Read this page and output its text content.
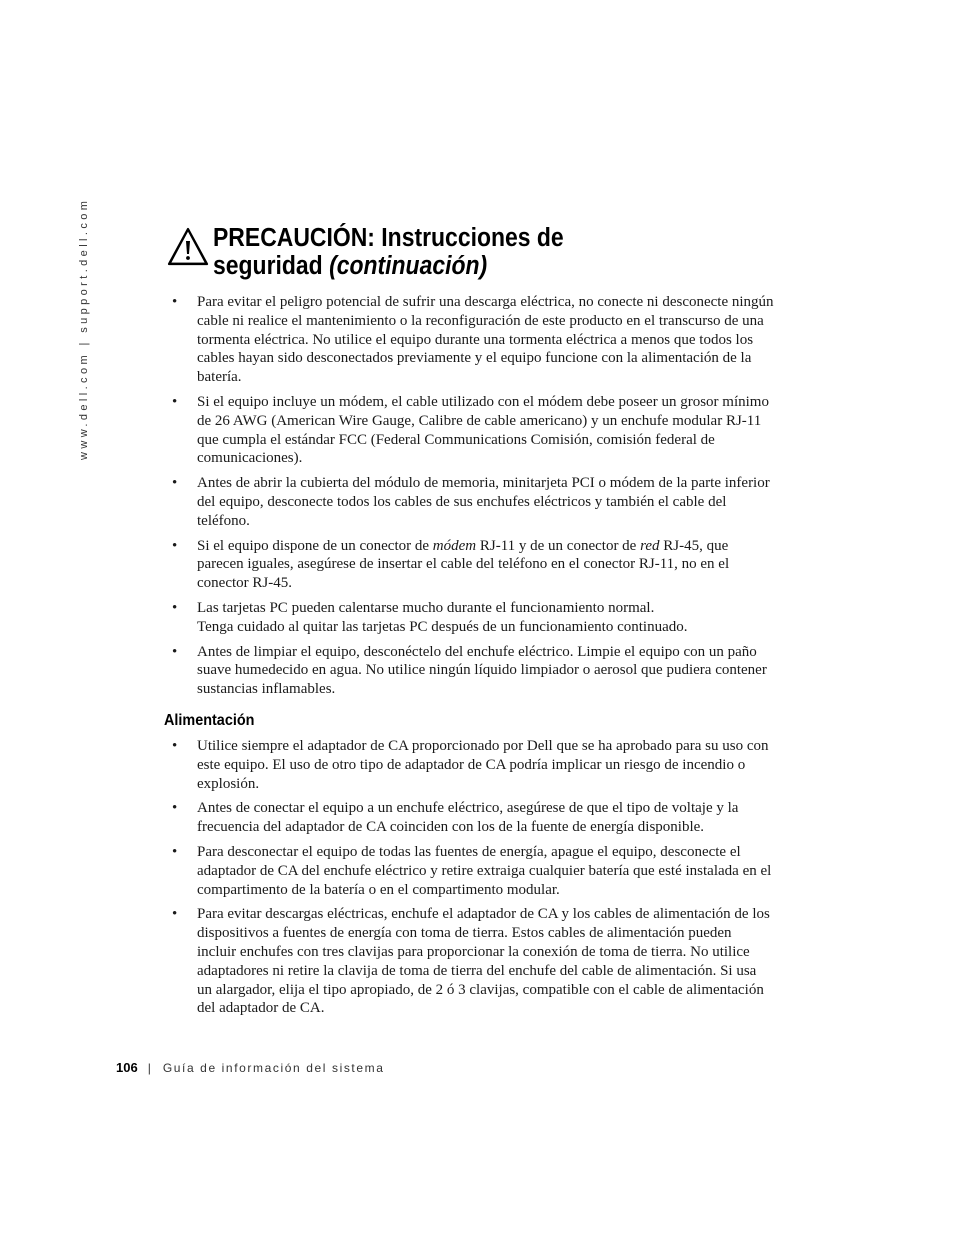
www.dell.com | support.dell.com	PRECAUCIÓN: Instrucciones de
seguridad (continuación)
• Para evitar el peligro potencial de sufrir una descarga eléctrica, no conecte ni desconecte ningún cable ni realice el mantenimiento o la reconfiguración de este producto en el transcurso de una tormenta eléctrica. No utilice el equipo durante una tormenta eléctrica a menos que todos los cables hayan sido desconectados previamente y el equipo funcione con la alimentación de la batería.
• Si el equipo incluye un módem, el cable utilizado con el módem debe poseer un grosor mínimo de 26 AWG (American Wire Gauge, Calibre de cable americano) y un enchufe modular RJ-11 que cumpla el estándar FCC (Federal Communications Comisión, comisión federal de comunicaciones).
• Antes de abrir la cubierta del módulo de memoria, minitarjeta PCI o módem de la parte inferior del equipo, desconecte todos los cables de sus enchufes eléctricos y también el cable del teléfono.
• Si el equipo dispone de un conector de módem RJ-11 y de un conector de red RJ-45, que parecen iguales, asegúrese de insertar el cable del teléfono en el conector RJ-11, no en el conector RJ-45.
• Las tarjetas PC pueden calentarse mucho durante el funcionamiento normal.
Tenga cuidado al quitar las tarjetas PC después de un funcionamiento continuado.
• Antes de limpiar el equipo, desconéctelo del enchufe eléctrico. Limpie el equipo con un paño suave humedecido en agua. No utilice ningún líquido limpiador o aerosol que pudiera contener sustancias inflamables.
Alimentación
• Utilice siempre el adaptador de CA proporcionado por Dell que se ha aprobado para su uso con este equipo. El uso de otro tipo de adaptador de CA podría implicar un riesgo de incendio o explosión.
• Antes de conectar el equipo a un enchufe eléctrico, asegúrese de que el tipo de voltaje y la frecuencia del adaptador de CA coinciden con los de la fuente de energía disponible.
• Para desconectar el equipo de todas las fuentes de energía, apague el equipo, desconecte el adaptador de CA del enchufe eléctrico y retire extraiga cualquier batería que esté instalada en el compartimento de la batería o en el compartimento modular.
• Para evitar descargas eléctricas, enchufe el adaptador de CA y los cables de alimentación de los dispositivos a fuentes de energía con toma de tierra. Estos cables de alimentación pueden incluir enchufes con tres clavijas para proporcionar la conexión de toma de tierra. No utilice adaptadores ni retire la clavija de toma de tierra del enchufe del cable de alimentación. Si usa un alargador, elija el tipo apropiado, de 2 ó 3 clavijas, compatible con el cable de alimentación del adaptador de CA.
106 | Guía de información del sistema
